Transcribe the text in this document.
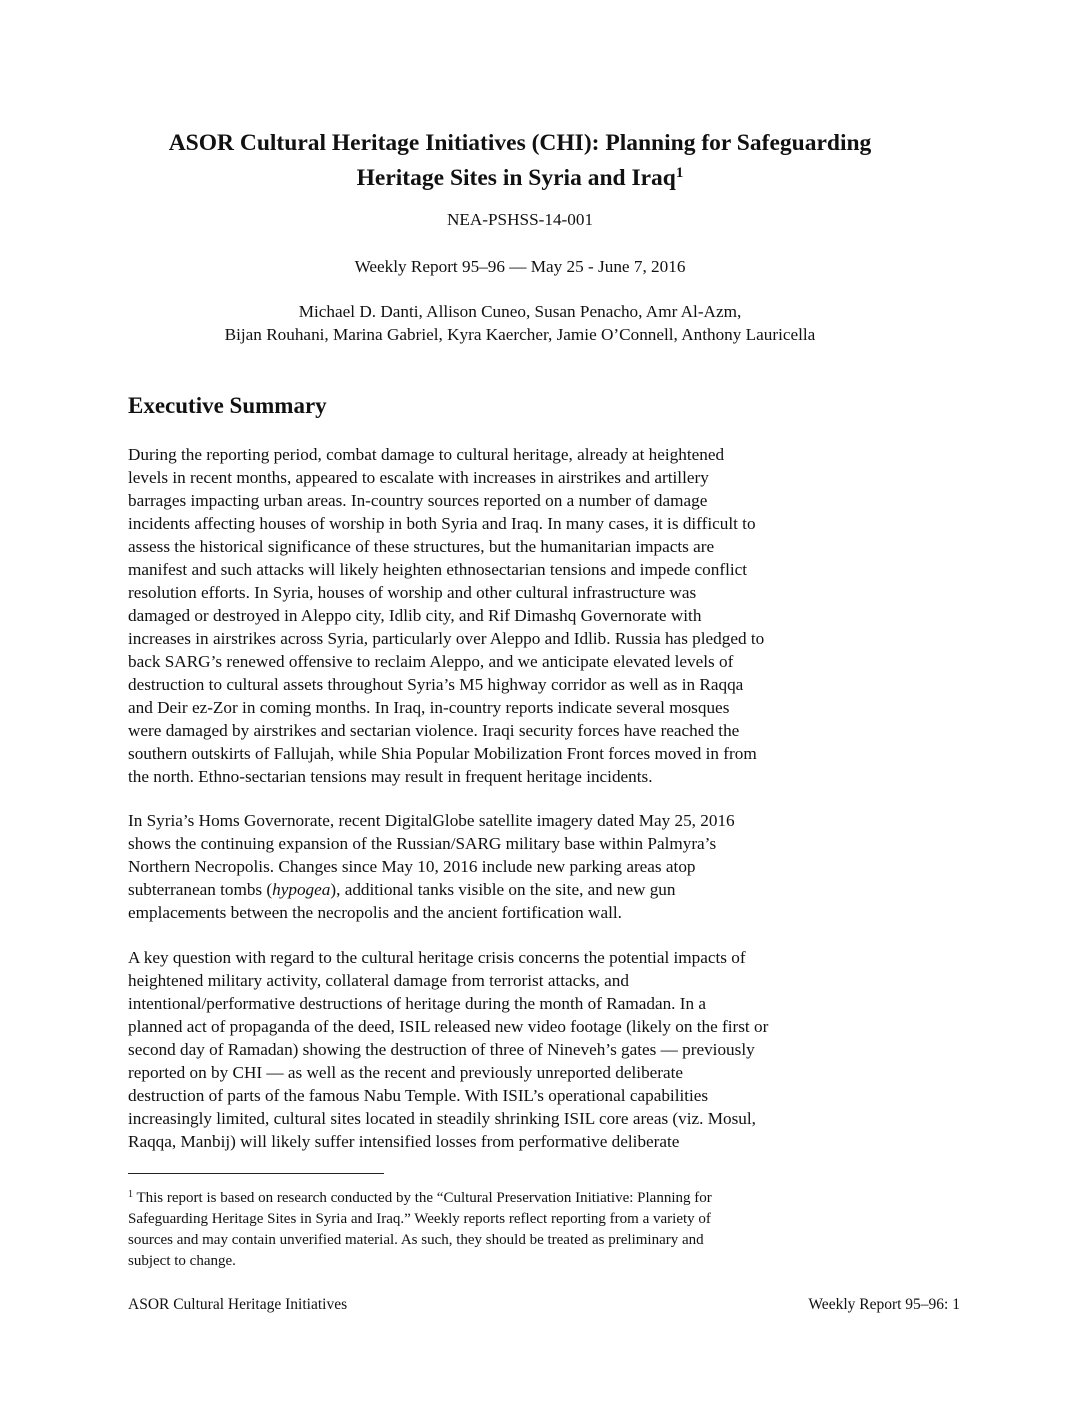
ASOR Cultural Heritage Initiatives (CHI): Planning for Safeguarding
Heritage Sites in Syria and Iraq$^1$
NEA-PSHSS-14-001
Weekly Report 95–96 — May 25 - June 7, 2016
Michael D. Danti, Allison Cuneo, Susan Penacho, Amr Al-Azm,
Bijan Rouhani, Marina Gabriel, Kyra Kaercher, Jamie O’Connell, Anthony Lauricella
Executive Summary

During the reporting period, combat damage to cultural heritage, already at heightened
levels in recent months, appeared to escalate with increases in airstrikes and artillery
barrages impacting urban areas. In-country sources reported on a number of damage
incidents affecting houses of worship in both Syria and Iraq. In many cases, it is difficult to
assess the historical significance of these structures, but the humanitarian impacts are
manifest and such attacks will likely heighten ethnosectarian tensions and impede conflict
resolution efforts. In Syria, houses of worship and other cultural infrastructure was
damaged or destroyed in Aleppo city, Idlib city, and Rif Dimashq Governorate with
increases in airstrikes across Syria, particularly over Aleppo and Idlib. Russia has pledged to
back SARG’s renewed offensive to reclaim Aleppo, and we anticipate elevated levels of
destruction to cultural assets throughout Syria’s M5 highway corridor as well as in Raqqa
and Deir ez-Zor in coming months. In Iraq, in-country reports indicate several mosques
were damaged by airstrikes and sectarian violence. Iraqi security forces have reached the
southern outskirts of Fallujah, while Shia Popular Mobilization Front forces moved in from
the north. Ethno-sectarian tensions may result in frequent heritage incidents.

In Syria’s Homs Governorate, recent DigitalGlobe satellite imagery dated May 25, 2016
shows the continuing expansion of the Russian/SARG military base within Palmyra’s
Northern Necropolis. Changes since May 10, 2016 include new parking areas atop
subterranean tombs (hypogea), additional tanks visible on the site, and new gun
emplacements between the necropolis and the ancient fortification wall.

A key question with regard to the cultural heritage crisis concerns the potential impacts of
heightened military activity, collateral damage from terrorist attacks, and
intentional/performative destructions of heritage during the month of Ramadan. In a
planned act of propaganda of the deed, ISIL released new video footage (likely on the first or
second day of Ramadan) showing the destruction of three of Nineveh’s gates — previously
reported on by CHI — as well as the recent and previously unreported deliberate
destruction of parts of the famous Nabu Temple. With ISIL’s operational capabilities
increasingly limited, cultural sites located in steadily shrinking ISIL core areas (viz. Mosul,
Raqqa, Manbij) will likely suffer intensified losses from performative deliberate

$^1$ This report is based on research conducted by the “Cultural Preservation Initiative: Planning for
Safeguarding Heritage Sites in Syria and Iraq.” Weekly reports reflect reporting from a variety of
sources and may contain unverified material. As such, they should be treated as preliminary and
subject to change.

ASOR Cultural Heritage Initiatives	Weekly Report 95–96: 1
